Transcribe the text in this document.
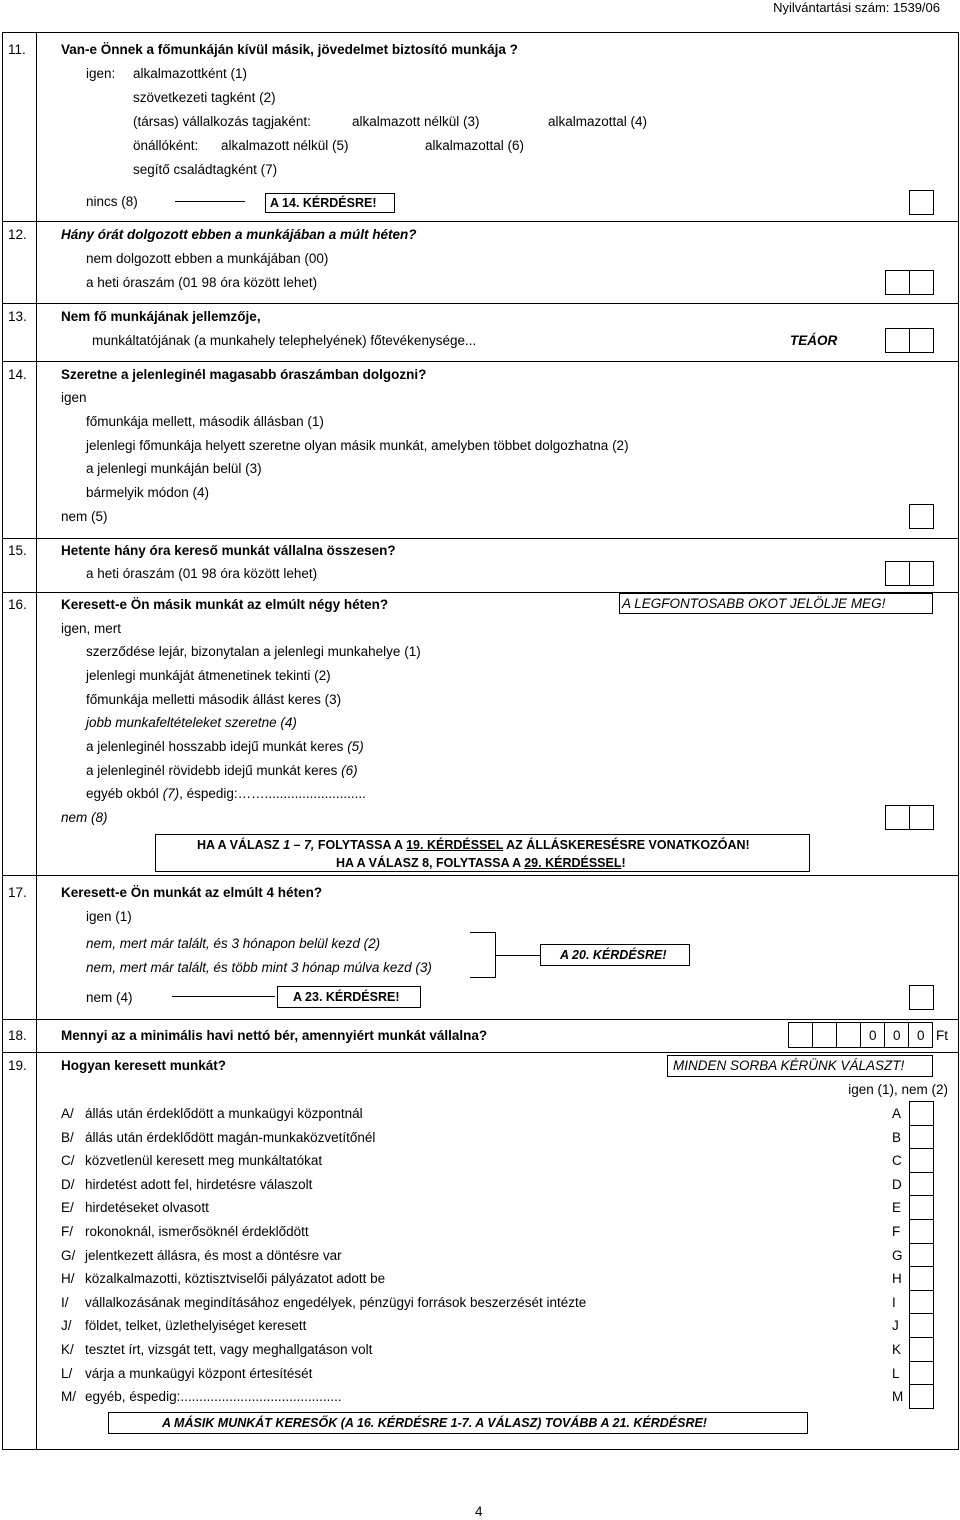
Nyilvántartási szám: 1539/06
11.	Van-e Önnek a főmunkáján kívül másik, jövedelmet biztosító munkája ?
igen: alkalmazottként (1)
szövetkezeti tagként (2)
(társas) vállalkozás tagjaként:	alkalmazott nélkül (3)	alkalmazottal (4)
önállóként: alkalmazott nélkül (5)	alkalmazottal (6)
segítő családtagként (7)
nincs (8)	A 14. KÉRDÉSRE!
12.	Hány órát dolgozott ebben a munkájában a múlt héten?
nem dolgozott ebben a munkájában (00)
a heti óraszám (01 98 óra között lehet)
13.	Nem fő munkájának jellemzője,
munkáltatójának (a munkahely telephelyének) főtevékenysége...	TEÁOR
14.	Szeretne a jelenleginél magasabb óraszámban dolgozni?
igen
főmunkája mellett, második állásban (1)
jelenlegi főmunkája helyett szeretne olyan másik munkát, amelyben többet dolgozhatna (2)
a jelenlegi munkáján belül (3)
bármelyik módon (4)
nem (5)
15.	Hetente hány óra kereső munkát vállalna összesen?
a heti óraszám (01 98 óra között lehet)
16.	Keresett-e Ön másik munkát az elmúlt négy héten?	A LEGFONTOSABB OKOT JELÖLJE MEG!
igen, mert
szerződése lejár, bizonytalan a jelenlegi munkahelye (1)
jelenlegi munkáját átmenetinek tekinti (2)
főmunkája melletti második állást keres (3)
jobb munkafeltételeket szeretne (4)
a jelenleginél hosszabb idejű munkát keres (5)
a jelenleginél rövidebb idejű munkát keres (6)
egyéb okból (7), éspedig:……...........................
nem (8)
HA A VÁLASZ 1 – 7, FOLYTASSA A 19. KÉRDÉSSEL AZ ÁLLÁSKERESÉSRE VONATKOZÓAN!
HA A VÁLASZ 8, FOLYTASSA A 29. KÉRDÉSSEL!
17.	Keresett-e Ön munkát az elmúlt 4 héten?
igen (1)
nem, mert már talált, és 3 hónapon belül kezd (2)
nem, mert már talált, és több mint 3 hónap múlva kezd (3)
A 20. KÉRDÉSRE!
nem (4)	A 23. KÉRDÉSRE!
18.	Mennyi az a minimális havi nettó bér, amennyiért munkát vállalna?	0 0 0 Ft
19.	Hogyan keresett munkát?	MINDEN SORBA KÉRÜNK VÁLASZT!
igen (1), nem (2)
A/ állás után érdeklődött a munkaügyi központnál	A
B/ állás után érdeklődött magán-munkaközvetítőnél	B
C/ közvetlenül keresett meg munkáltatókat	C
D/ hirdetést adott fel, hirdetésre válaszolt	D
E/ hirdetéseket olvasott	E
F/ rokonoknál, ismerősöknél érdeklődött	F
G/ jelentkezett állásra, és most a döntésre var	G
H/ közalkalmazotti, köztisztviselői pályázatot adott be	H
I/ vállalkozásának megindításához engedélyek, pénzügyi források beszerzését intézte	I
J/ földet, telket, üzlethelyiséget keresett	J
K/ tesztet írt, vizsgát tett, vagy meghallgatáson volt	K
L/ várja a munkaügyi központ értesítését	L
M/ egyéb, éspedig:...........................................	M
A MÁSIK MUNKÁT KERESŐK (A 16. KÉRDÉSRE 1-7. A VÁLASZ) TOVÁBB A 21. KÉRDÉSRE!
4
